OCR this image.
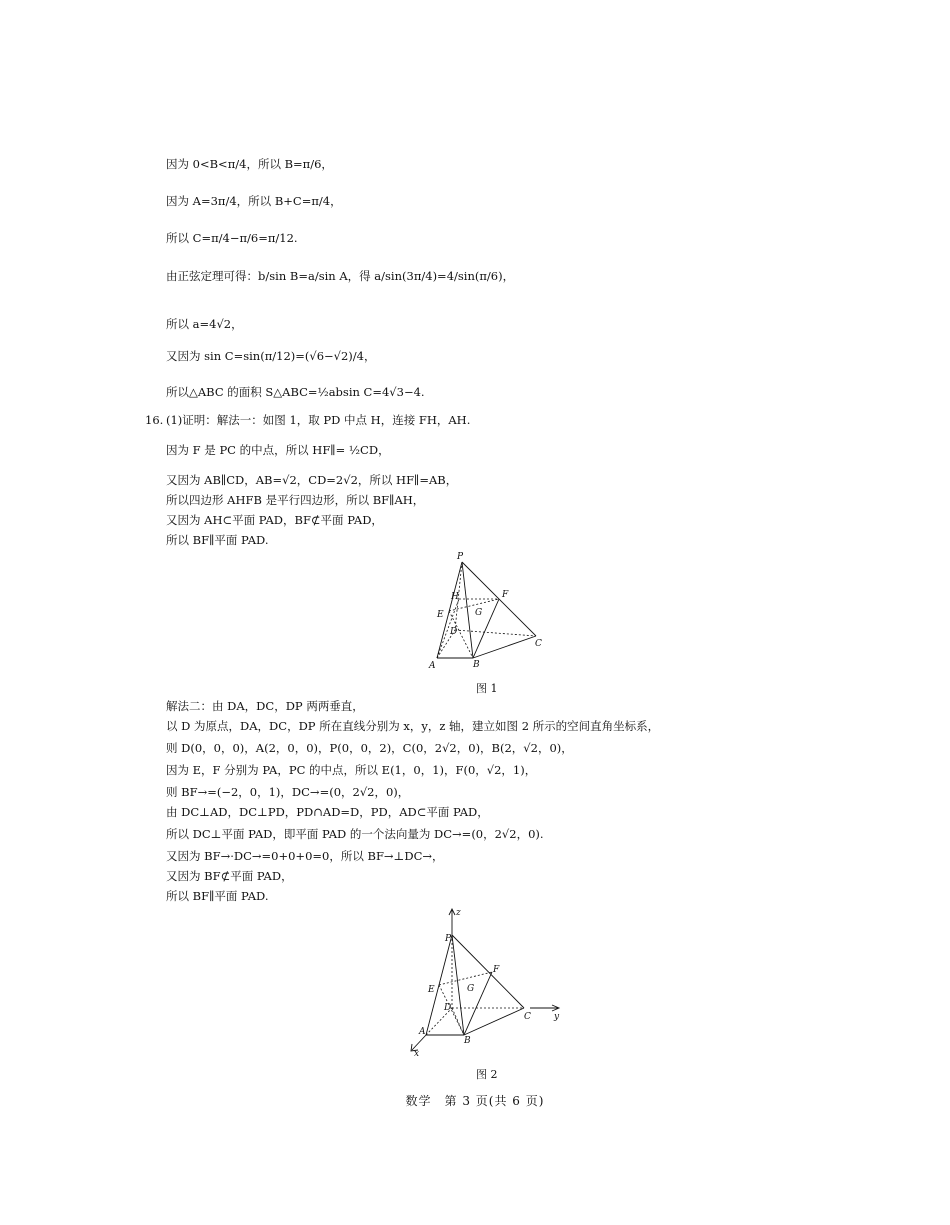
因为 0<B<π/4，所以 B=π/6，
因为 A=3π/4，所以 B+C=π/4，
所以 C=π/4−π/6=π/12.
由正弦定理可得：b/sin B=a/sin A，得 a/sin(3π/4)=4/sin(π/6)，
所以 a=4√2，
又因为 sin C=sin(π/12)=(√6−√2)/4，
所以△ABC 的面积 S△ABC=½absin C=4√3−4.
16. (1)证明：解法一：如图 1，取 PD 中点 H，连接 FH，AH.
因为 F 是 PC 的中点，所以 HF∥= ½CD，
又因为 AB∥CD，AB=√2，CD=2√2，所以 HF∥=AB，
所以四边形 AHFB 是平行四边形，所以 BF∥AH，
又因为 AH⊂平面 PAD，BF⊄平面 PAD，
所以 BF∥平面 PAD.
P
H	F
E	G
D
C
A	B
图 1
解法二：由 DA，DC，DP 两两垂直，
以 D 为原点，DA，DC，DP 所在直线分别为 x，y，z 轴，建立如图 2 所示的空间直角坐标系，
则 D(0，0，0)，A(2，0，0)，P(0，0，2)，C(0，2√2，0)，B(2，√2，0)，
因为 E，F 分别为 PA，PC 的中点，所以 E(1，0，1)，F(0，√2，1)，
则 BF→=(−2，0，1)，DC→=(0，2√2，0)，
由 DC⊥AD，DC⊥PD，PD∩AD=D，PD，AD⊂平面 PAD，
所以 DC⊥平面 PAD，即平面 PAD 的一个法向量为 DC→=(0，2√2，0).
又因为 BF→·DC→=0+0+0=0，所以 BF→⊥DC→，
又因为 BF⊄平面 PAD，
所以 BF∥平面 PAD.
z
P
F
E	G
D
C	y
A
B
x
图 2
数学　第 3 页(共 6 页)
